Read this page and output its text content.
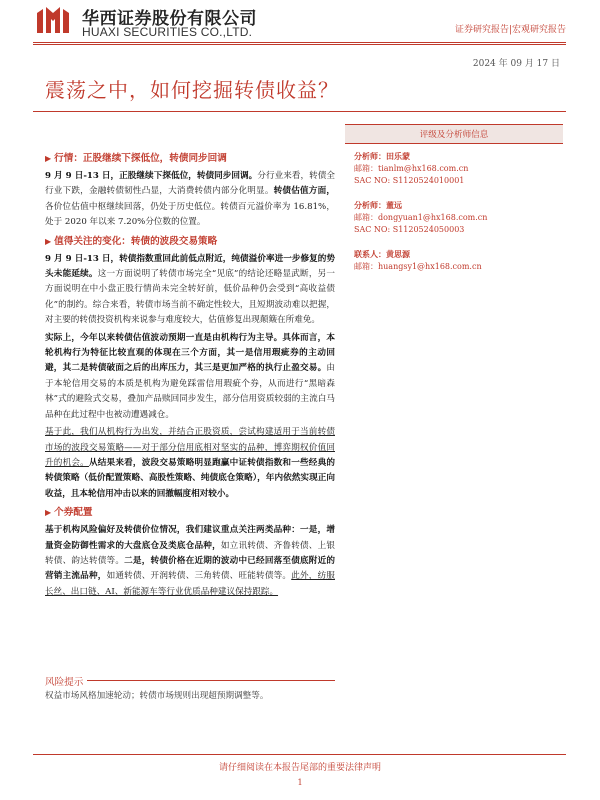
华西证券股份有限公司
HUAXI SECURITIES CO.,LTD.	证券研究报告|宏观研究报告
2024 年 09 月 17 日
震荡之中，如何挖掘转债收益？
▶ 行情：正股继续下探低位，转债同步回调

9 月 9 日-13 日，正股继续下探低位，转债同步回调。分行业来看，转债全行业下跌，金融转债韧性凸显，大消费转债内部分化明显。转债估值方面，各价位估值中枢继续回落，仍处于历史低位。转债百元溢价率为 16.81%，处于 2020 年以来 7.20%分位数的位置。

▶ 值得关注的变化：转债的波段交易策略

9 月 9 日-13 日，转债指数重回此前低点附近，纯债溢价率进一步修复的势头未能延续。这一方面说明了转债市场完全“见底”的结论还略显武断，另一方面说明在中小盘正股行情尚未完全转好前，低价品种仍会受到“高收益债化”的制约。综合来看，转债市场当前不确定性较大，且短期波动难以把握，对主要的转债投资机构来说参与难度较大，估值修复出现颠簸在所难免。

实际上，今年以来转债估值波动预期一直是由机构行为主导。具体而言，本轮机构行为特征比较直观的体现在三个方面，其一是信用瑕疵券的主动回避，其二是转债破面之后的出库压力，其三是更加严格的执行止盈交易。由于本轮信用交易的本质是机构为避免踩雷信用瑕疵个券，从而进行“黑暗森林”式的避险式交易，叠加产品赎回同步发生，部分信用资质较弱的主流白马品种在此过程中也被动遭遇减仓。

基于此，我们从机构行为出发，并结合正股资质，尝试构建适用于当前转债市场的波段交易策略——对于部分信用底相对坚实的品种，博弈期权价值回升的机会。从结果来看，波段交易策略明显跑赢中证转债指数和一些经典的转债策略（低价配置策略、高股性策略、纯债底仓策略），年内依然实现正向收益，且本轮信用冲击以来的回撤幅度相对较小。

▶ 个券配置

基于机构风险偏好及转债价位情况，我们建议重点关注两类品种：一是，增量资金防御性需求的大盘底仓及类底仓品种，如立讯转债、齐鲁转债、上银转债、韵达转债等。二是，转债价格在近期的波动中已经回落至债底附近的营销主流品种，如通转债、开润转债、三角转债、旺能转债等。此外，纺服长丝、出口链、AI、新能源车等行业优质品种建议保持跟踪。

风险提示
权益市场风格加速轮动；转债市场规则出现超预期调整等。
评级及分析师信息
分析师：田乐蒙
邮箱：tianlm@hx168.com.cn
SAC NO: S1120524010001
分析师：董远
邮箱：dongyuan1@hx168.com.cn
SAC NO: S1120524050003
联系人：黄思源
邮箱：huangsy1@hx168.com.cn
请仔细阅读在本报告尾部的重要法律声明
1
